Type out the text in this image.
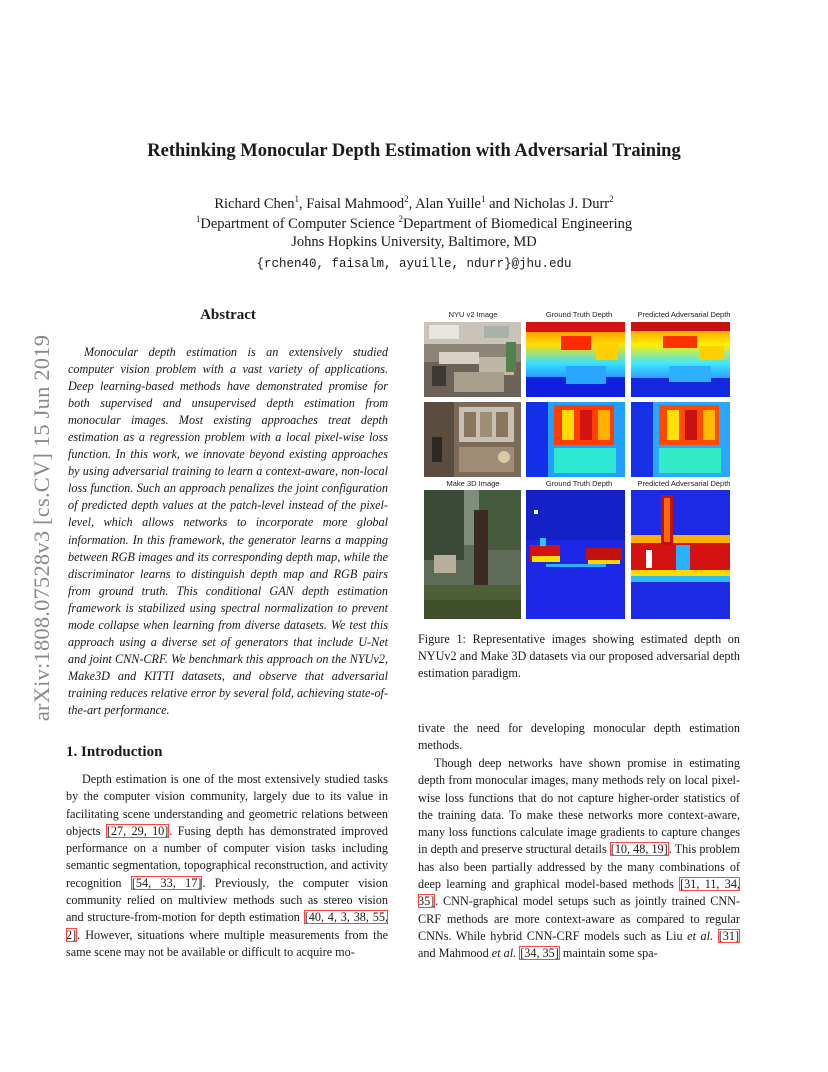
arXiv:1808.07528v3 [cs.CV] 15 Jun 2019
Rethinking Monocular Depth Estimation with Adversarial Training
Richard Chen$^1$, Faisal Mahmood$^2$, Alan Yuille$^1$ and Nicholas J. Durr$^2$
$^1$Department of Computer Science $^2$Department of Biomedical Engineering
Johns Hopkins University, Baltimore, MD
{rchen40, faisalm, ayuille, ndurr}@jhu.edu
Abstract
Monocular depth estimation is an extensively studied computer vision problem with a vast variety of applications. Deep learning-based methods have demonstrated promise for both supervised and unsupervised depth estimation from monocular images. Most existing approaches treat depth estimation as a regression problem with a local pixel-wise loss function. In this work, we innovate beyond existing approaches by using adversarial training to learn a context-aware, non-local loss function. Such an approach penalizes the joint configuration of predicted depth values at the patch-level instead of the pixel-level, which allows networks to incorporate more global information. In this framework, the generator learns a mapping between RGB images and its corresponding depth map, while the discriminator learns to distinguish depth map and RGB pairs from ground truth. This conditional GAN depth estimation framework is stabilized using spectral normalization to prevent mode collapse when learning from diverse datasets. We test this approach using a diverse set of generators that include U-Net and joint CNN-CRF. We benchmark this approach on the NYUv2, Make3D and KITTI datasets, and observe that adversarial training reduces relative error by several fold, achieving state-of-the-art performance.
NYU v2 Image	Ground Truth Depth	Predicted Adversarial Depth
Make 3D Image	Ground Truth Depth	Predicted Adversarial Depth
Figure 1: Representative images showing estimated depth on NYUv2 and Make 3D datasets via our proposed adversarial depth estimation paradigm.
1. Introduction
Depth estimation is one of the most extensively studied tasks by the computer vision community, largely due to its value in facilitating scene understanding and geometric relations between objects [27, 29, 10]. Fusing depth has demonstrated improved performance on a number of computer vision tasks including semantic segmentation, topographical reconstruction, and activity recognition [54, 33, 17]. Previously, the computer vision community relied on multiview methods such as stereo vision and structure-from-motion for depth estimation [40, 4, 3, 38, 55, 2]. However, situations where multiple measurements from the same scene may not be available or difficult to acquire mo-
tivate the need for developing monocular depth estimation methods.
Though deep networks have shown promise in estimating depth from monocular images, many methods rely on local pixel-wise loss functions that do not capture higher-order statistics of the training data. To make these networks more context-aware, many loss functions calculate image gradients to capture changes in depth and preserve structural details [10, 48, 19]. This problem has also been partially addressed by the many combinations of deep learning and graphical model-based methods [31, 11, 34, 35]. CNN-graphical model setups such as jointly trained CNN-CRF methods are more context-aware as compared to regular CNNs. While hybrid CNN-CRF models such as Liu et al. [31] and Mahmood et al. [34, 35] maintain some spa-
